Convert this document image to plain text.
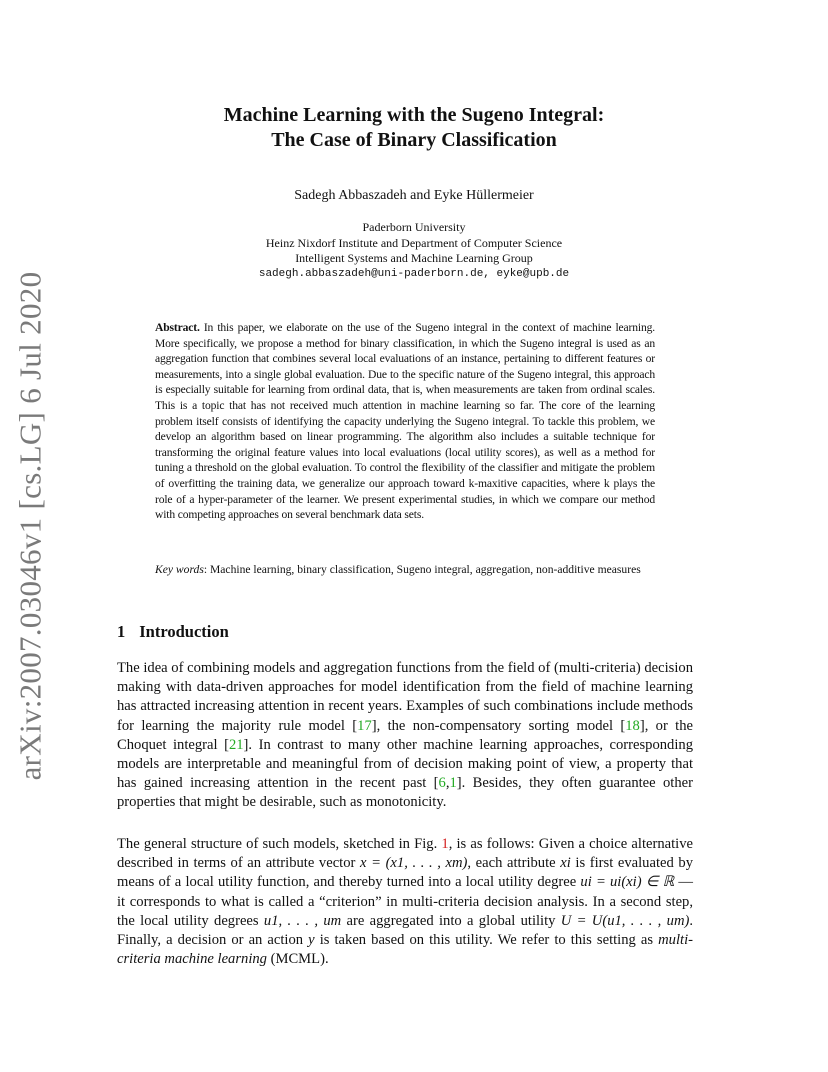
arXiv:2007.03046v1 [cs.LG] 6 Jul 2020
Machine Learning with the Sugeno Integral:
The Case of Binary Classification
Sadegh Abbaszadeh and Eyke Hüllermeier
Paderborn University
Heinz Nixdorf Institute and Department of Computer Science
Intelligent Systems and Machine Learning Group
sadegh.abbaszadeh@uni-paderborn.de, eyke@upb.de
Abstract. In this paper, we elaborate on the use of the Sugeno integral in the context of machine learning. More specifically, we propose a method for binary classification, in which the Sugeno integral is used as an aggregation function that combines several local evaluations of an instance, pertaining to different features or measurements, into a single global evaluation. Due to the specific nature of the Sugeno integral, this approach is especially suitable for learning from ordinal data, that is, when measurements are taken from ordinal scales. This is a topic that has not received much attention in machine learning so far. The core of the learning problem itself consists of identifying the capacity underlying the Sugeno integral. To tackle this problem, we develop an algorithm based on linear programming. The algorithm also includes a suitable technique for transforming the original feature values into local evaluations (local utility scores), as well as a method for tuning a threshold on the global evaluation. To control the flexibility of the classifier and mitigate the problem of overfitting the training data, we generalize our approach toward k-maxitive capacities, where k plays the role of a hyper-parameter of the learner. We present experimental studies, in which we compare our method with competing approaches on several benchmark data sets.
Key words: Machine learning, binary classification, Sugeno integral, aggregation, non-additive measures
1 Introduction
The idea of combining models and aggregation functions from the field of (multi-criteria) decision making with data-driven approaches for model identification from the field of machine learning has attracted increasing attention in recent years. Examples of such combinations include methods for learning the majority rule model [17], the non-compensatory sorting model [18], or the Choquet integral [21]. In contrast to many other machine learning approaches, corresponding models are interpretable and meaningful from of decision making point of view, a property that has gained increasing attention in the recent past [6,1]. Besides, they often guarantee other properties that might be desirable, such as monotonicity.
The general structure of such models, sketched in Fig. 1, is as follows: Given a choice alternative described in terms of an attribute vector x = (x1, . . . , xm), each attribute xi is first evaluated by means of a local utility function, and thereby turned into a local utility degree ui = ui(xi) ∈ ℝ — it corresponds to what is called a “criterion” in multi-criteria decision analysis. In a second step, the local utility degrees u1, . . . , um are aggregated into a global utility U = U(u1, . . . , um). Finally, a decision or an action y is taken based on this utility. We refer to this setting as multi-criteria machine learning (MCML).
